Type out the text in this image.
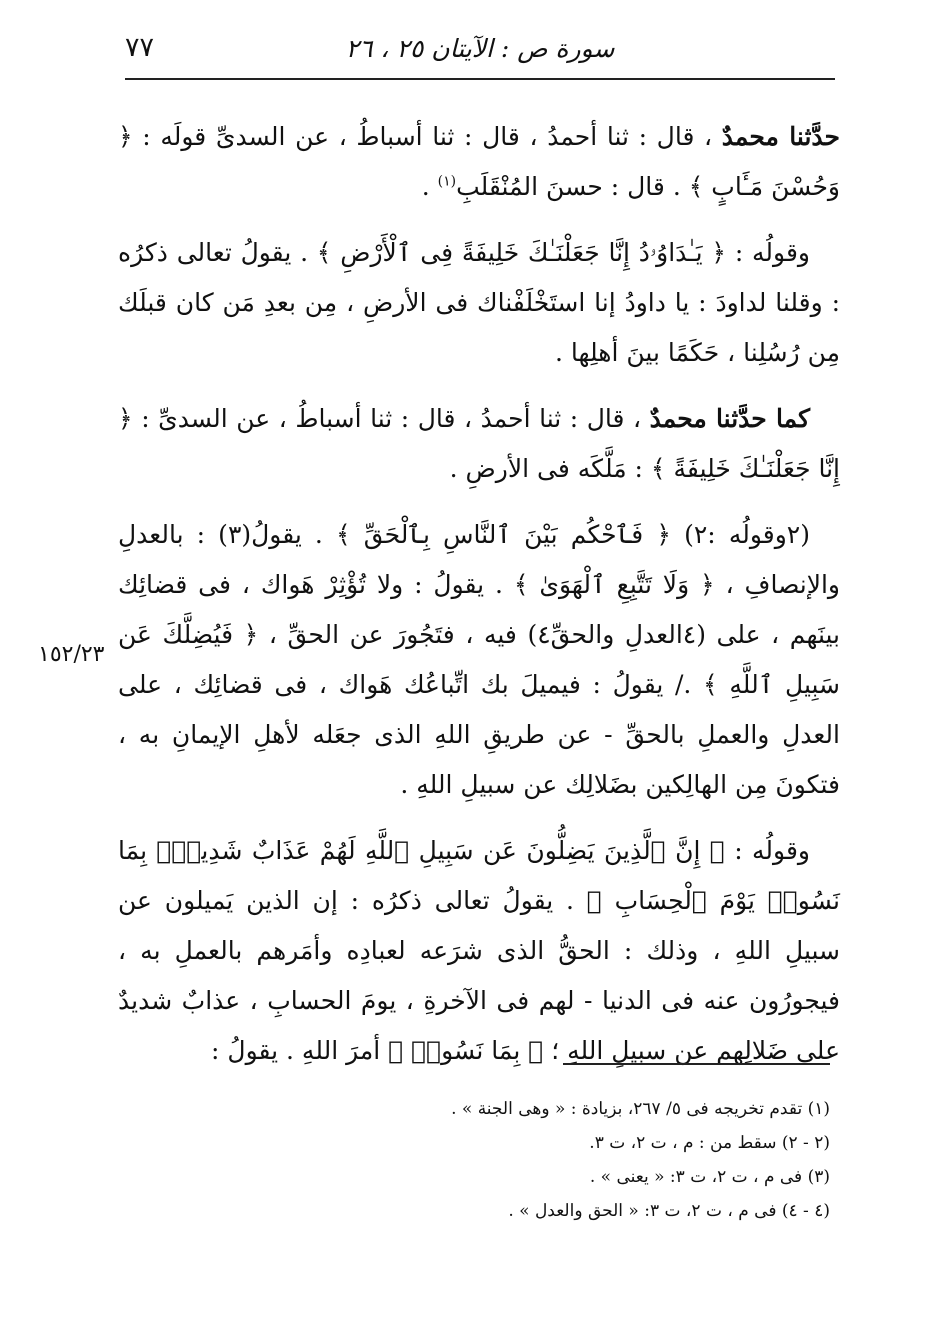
سورة ص : الآيتان ٢٥ ، ٢٦
٧٧
١٥٢/٢٣

حدَّثنا محمدٌ ، قال : ثنا أحمدُ ، قال : ثنا أسباطُ ، عن السدىِّ قولَه : ﴿ وَحُسْنَ مَـَٔابٍ ﴾ . قال : حسنَ المُنْقَلَبِ$^{(١)}$ .

وقولُه : ﴿ يَـٰدَاوُۥدُ إِنَّا جَعَلْنَـٰكَ خَلِيفَةً فِى ٱلْأَرْضِ ﴾ . يقولُ تعالى ذكرُه : وقلنا لداودَ : يا داودُ إنا استَخْلَفْناك فى الأرضِ ، مِن بعدِ مَن كان قبلَك مِن رُسُلِنا ، حَكَمًا بينَ أهلِها .

كما حدَّثنا محمدٌ ، قال : ثنا أحمدُ ، قال : ثنا أسباطُ ، عن السدىِّ : ﴿ إِنَّا جَعَلْنَـٰكَ خَلِيفَةً ﴾ : مَلَّكَه فى الأرضِ .

(٢وقولُه :٢) ﴿ فَٱحْكُم بَيْنَ ٱلنَّاسِ بِٱلْحَقِّ ﴾ . يقولُ(٣) : بالعدلِ والإنصافِ ، ﴿ وَلَا تَتَّبِعِ ٱلْهَوَىٰ ﴾ . يقولُ : ولا تُؤْثِرْ هَواك ، فى قضائِك بينَهم ، على (٤العدلِ والحقِّ٤) فيه ، فتَجُورَ عن الحقِّ ، ﴿ فَيُضِلَّكَ عَن سَبِيلِ ٱللَّهِ ﴾ ./ يقولُ : فيميلَ بك اتِّباعُك هَواك ، فى قضائِك ، على العدلِ والعملِ بالحقِّ - عن طريقِ اللهِ الذى جعَله لأهلِ الإيمانِ به ، فتكونَ مِن الهالِكين بضَلالِك عن سبيلِ اللهِ .

وقولُه : ﴿ إِنَّ ٱلَّذِينَ يَضِلُّونَ عَن سَبِيلِ ٱللَّهِ لَهُمْ عَذَابٌ شَدِيدٌۢ بِمَا نَسُوا۟ يَوْمَ ٱلْحِسَابِ ﴾ . يقولُ تعالى ذكرُه : إن الذين يَميلون عن سبيلِ اللهِ ، وذلك : الحقُّ الذى شرَعه لعبادِه وأمَرهم بالعملِ به ، فيجورُون عنه فى الدنيا - لهم فى الآخرةِ ، يومَ الحسابِ ، عذابٌ شديدٌ على ضَلالِهم عن سبيلِ اللهِ ؛ ﴿ بِمَا نَسُوا۟ ﴾ أمرَ اللهِ . يقولُ :

(١) تقدم تخريجه فى ٥/ ٢٦٧، بزيادة : « وهى الجنة » .

(٢ - ٢) سقط من : م ، ت ٢، ت ٣.

(٣) فى م ، ت ٢، ت ٣: « يعنى » .

(٤ - ٤) فى م ، ت ٢، ت ٣: « الحق والعدل » .
